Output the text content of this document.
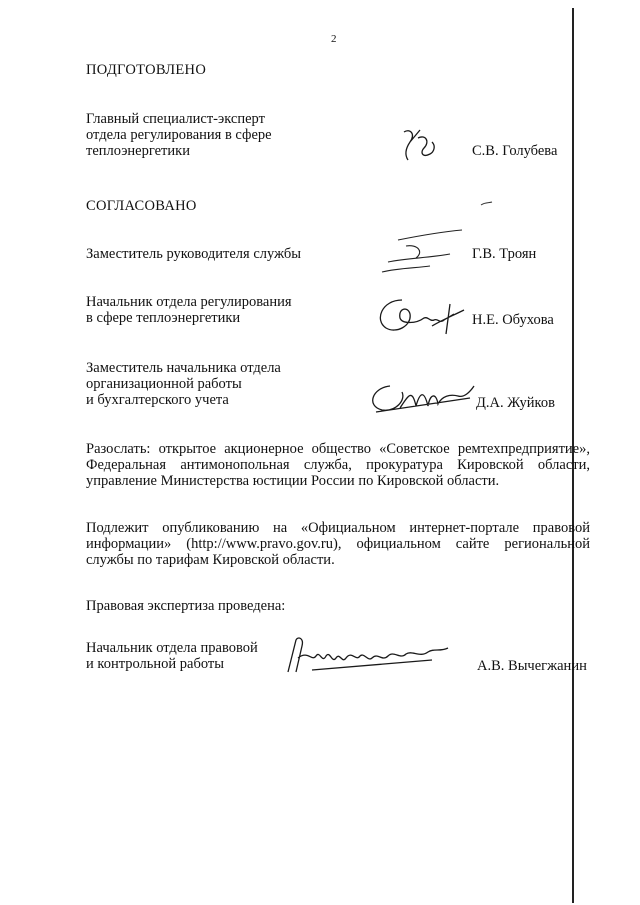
2
ПОДГОТОВЛЕНО
Главный специалист-эксперт
отдела регулирования в сфере
теплоэнергетики	С.В. Голубева
СОГЛАСОВАНО
Заместитель руководителя службы	Г.В. Троян
Начальник отдела регулирования
в сфере теплоэнергетики	Н.Е. Обухова
Заместитель начальника отдела
организационной работы
и бухгалтерского учета	Д.А. Жуйков
Разослать: открытое акционерное общество «Советское ремтехпредприятие»,
Федеральная антимонопольная служба, прокуратура Кировской области,
управление Министерства юстиции России по Кировской области.
Подлежит опубликованию на «Официальном интернет-портале правовой
информации» (http://www.pravo.gov.ru), официальном сайте региональной
службы по тарифам Кировской области.
Правовая экспертиза проведена:
Начальник отдела правовой
и контрольной работы	А.В. Вычегжанин
